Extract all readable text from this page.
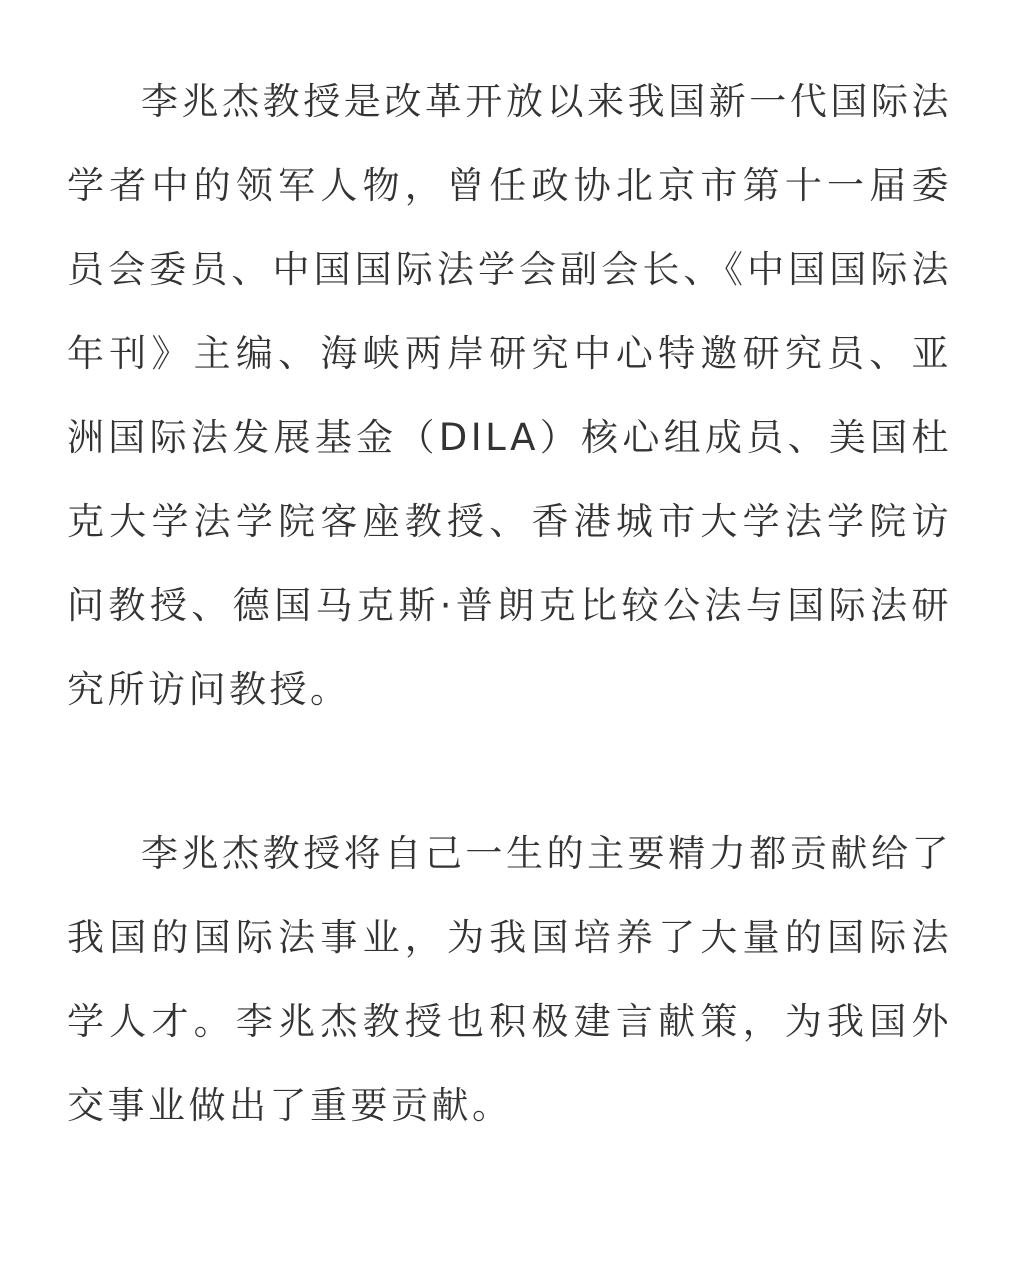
李兆杰教授是改革开放以来我国新一代国际法学者中的领军人物，曾任政协北京市第十一届委员会委员、中国国际法学会副会长、《中国国际法年刊》主编、海峡两岸研究中心特邀研究员、亚洲国际法发展基金（DILA）核心组成员、美国杜克大学法学院客座教授、香港城市大学法学院访问教授、德国马克斯·普朗克比较公法与国际法研究所访问教授。

李兆杰教授将自己一生的主要精力都贡献给了我国的国际法事业，为我国培养了大量的国际法学人才。李兆杰教授也积极建言献策，为我国外交事业做出了重要贡献。
